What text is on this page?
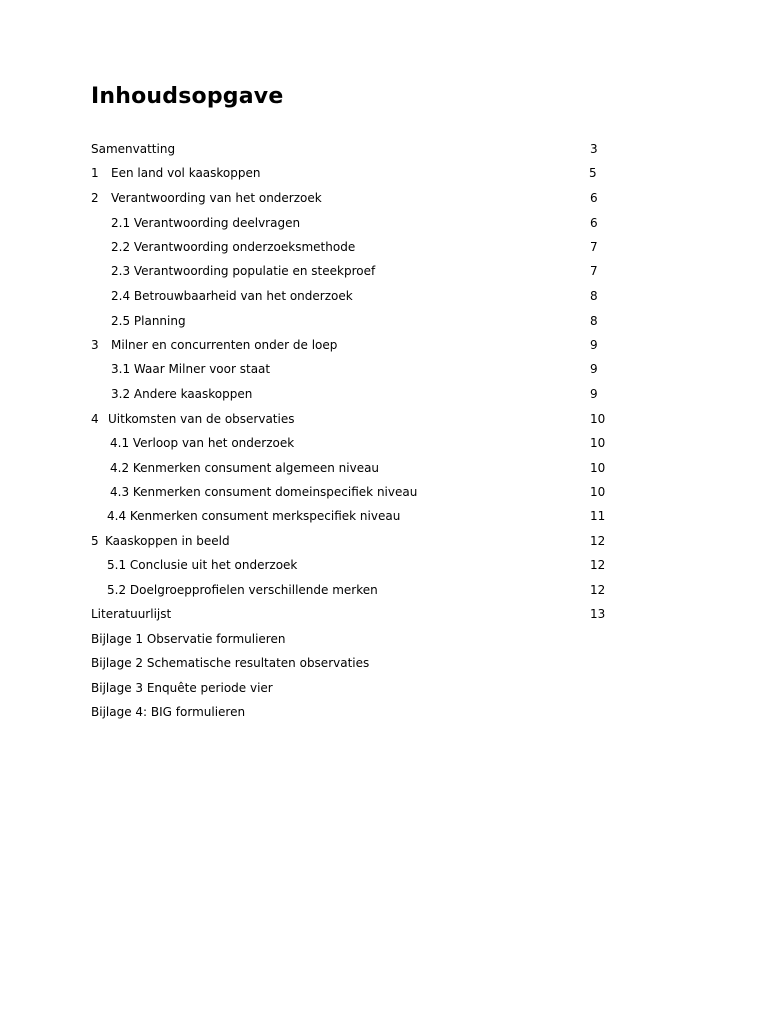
Inhoudsopgave
Samenvatting
1 Een land vol kaaskoppen
2 Verantwoording van het onderzoek
2.1 Verantwoording deelvragen
2.2 Verantwoording onderzoeksmethode
2.3 Verantwoording populatie en steekproef
2.4 Betrouwbaarheid van het onderzoek
2.5 Planning
3 Milner en concurrenten onder de loep
3.1 Waar Milner voor staat
3.2 Andere kaaskoppen
4 Uitkomsten van de observaties
4.1 Verloop van het onderzoek
4.2 Kenmerken consument algemeen niveau
4.3 Kenmerken consument domeinspecifiek niveau
4.4 Kenmerken consument merkspecifiek niveau
5 Kaaskoppen in beeld
5.1 Conclusie uit het onderzoek
5.2 Doelgroepprofielen verschillende merken
Literatuurlijst
Bijlage 1 Observatie formulieren
Bijlage 2 Schematische resultaten observaties
Bijlage 3 Enquête periode vier
Bijlage 4: BIG formulieren
3
5
6
6
7
7
8
8
9
9
9
10
10
10
10
11
12
12
12
13
